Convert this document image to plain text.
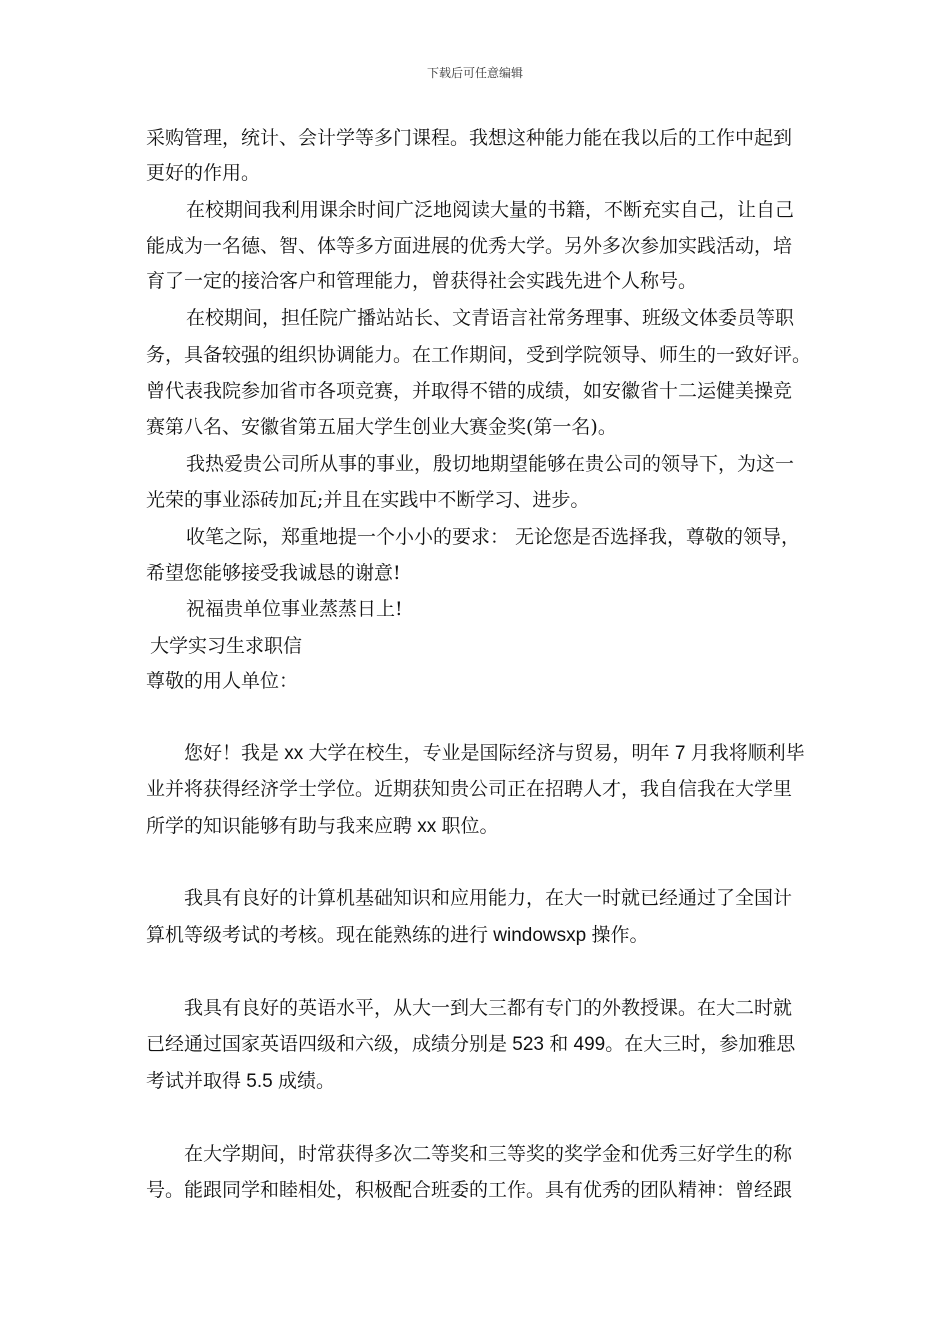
下载后可任意编辑
采购管理，统计、会计学等多门课程。我想这种能力能在我以后的工作中起到
更好的作用。
在校期间我利用课余时间广泛地阅读大量的书籍，不断充实自己，让自己
能成为一名德、智、体等多方面进展的优秀大学。另外多次参加实践活动，培
育了一定的接洽客户和管理能力，曾获得社会实践先进个人称号。
在校期间，担任院广播站站长、文青语言社常务理事、班级文体委员等职
务，具备较强的组织协调能力。在工作期间，受到学院领导、师生的一致好评。
曾代表我院参加省市各项竞赛，并取得不错的成绩，如安徽省十二运健美操竞
赛第八名、安徽省第五届大学生创业大赛金奖(第一名)。
我热爱贵公司所从事的事业，殷切地期望能够在贵公司的领导下，为这一
光荣的事业添砖加瓦;并且在实践中不断学习、进步。
收笔之际，郑重地提一个小小的要求： 无论您是否选择我，尊敬的领导，
希望您能够接受我诚恳的谢意!
祝福贵单位事业蒸蒸日上!
大学实习生求职信
尊敬的用人单位：
您好！我是 xx 大学在校生，专业是国际经济与贸易，明年 7 月我将顺利毕
业并将获得经济学士学位。近期获知贵公司正在招聘人才，我自信我在大学里
所学的知识能够有助与我来应聘 xx 职位。
我具有良好的计算机基础知识和应用能力，在大一时就已经通过了全国计
算机等级考试的考核。现在能熟练的进行 windowsxp 操作。
我具有良好的英语水平，从大一到大三都有专门的外教授课。在大二时就
已经通过国家英语四级和六级，成绩分别是 523 和 499。在大三时，参加雅思
考试并取得 5.5 成绩。
在大学期间，时常获得多次二等奖和三等奖的奖学金和优秀三好学生的称
号。能跟同学和睦相处，积极配合班委的工作。具有优秀的团队精神：曾经跟
